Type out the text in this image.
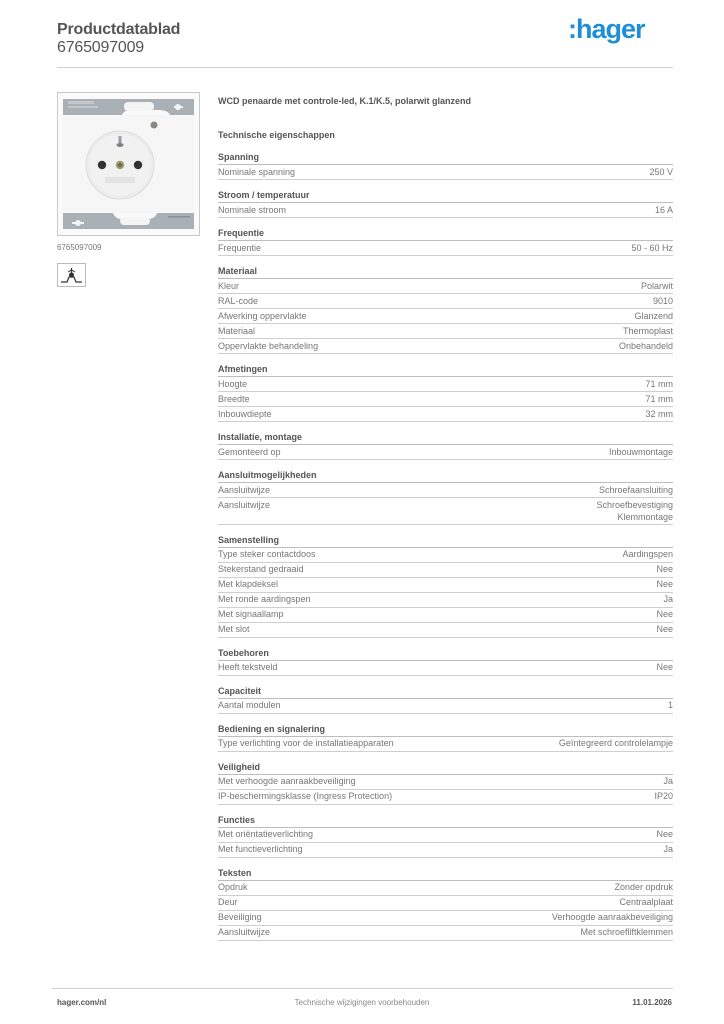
Productdatablad
6765097009
:hager
6765097009
WCD penaarde met controle-led, K.1/K.5, polarwit glanzend
Technische eigenschappen
Spanning
Nominale spanning	250 V
Stroom / temperatuur
Nominale stroom	16 A
Frequentie
Frequentie	50 - 60 Hz
Materiaal
Kleur	Polarwit
RAL-code	9010
Afwerking oppervlakte	Glanzend
Materiaal	Thermoplast
Oppervlakte behandeling	Onbehandeld
Afmetingen
Hoogte	71 mm
Breedte	71 mm
Inbouwdiepte	32 mm
Installatie, montage
Gemonteerd op	Inbouwmontage
Aansluitmogelijkheden
Aansluitwijze	Schroefaansluiting
Aansluitwijze	Schroefbevestiging
Klemmontage
Samenstelling
Type steker contactdoos	Aardingspen
Stekerstand gedraaid	Nee
Met klapdeksel	Nee
Met ronde aardingspen	Ja
Met signaallamp	Nee
Met slot	Nee
Toebehoren
Heeft tekstveld	Nee
Capaciteit
Aantal modulen	1
Bediening en signalering
Type verlichting voor de installatieapparaten	Geïntegreerd controlelampje
Veiligheid
Met verhoogde aanraakbeveiliging	Ja
IP-beschermingsklasse (Ingress Protection)	IP20
Functies
Met oriëntatieverlichting	Nee
Met functieverlichting	Ja
Teksten
Opdruk	Zonder opdruk
Deur	Centraalplaat
Beveiliging	Verhoogde aanraakbeveiliging
Aansluitwijze	Met schroefliftklemmen
hager.com/nl	Technische wijzigingen voorbehouden	11.01.2026
